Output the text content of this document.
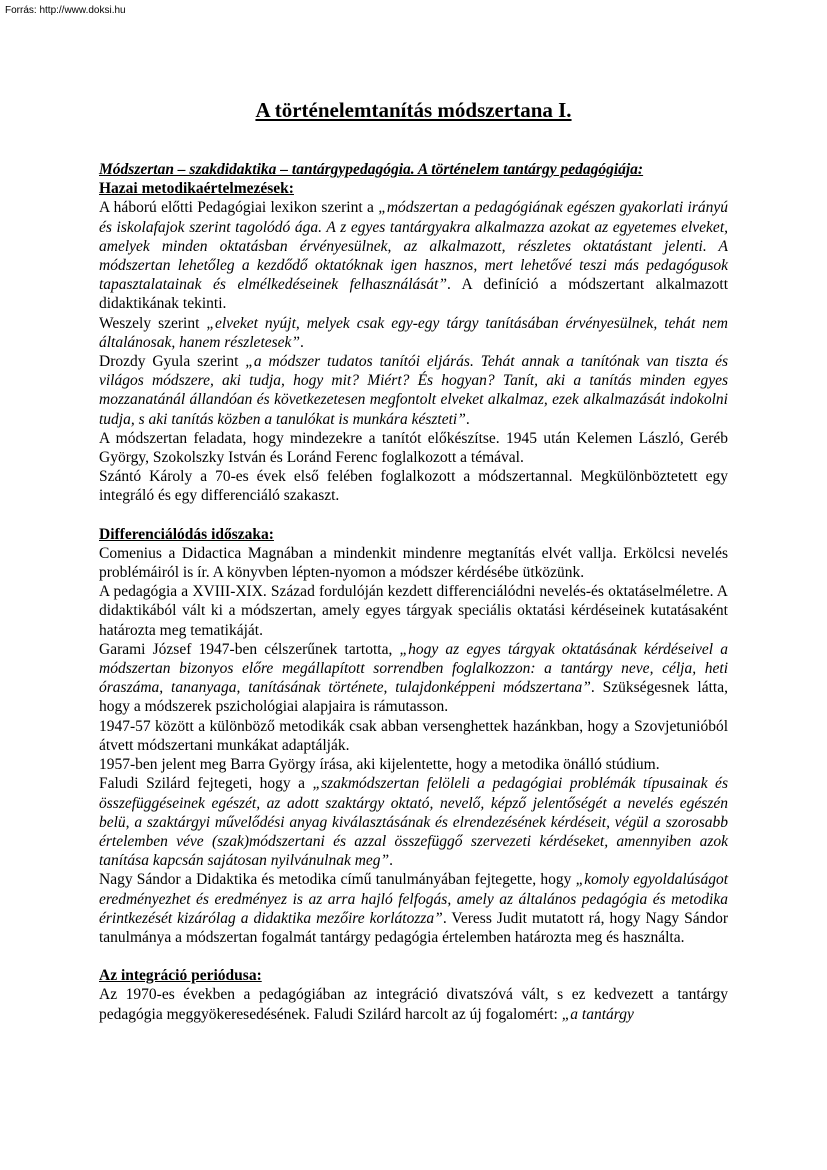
Forrás: http://www.doksi.hu
A történelemtanítás módszertana I.

Módszertan – szakdidaktika – tantárgypedagógia. A történelem tantárgy pedagógiája:

Hazai metodikaértelmezések:

A háború előtti Pedagógiai lexikon szerint a „módszertan a pedagógiának egészen gyakorlati irányú és iskolafajok szerint tagolódó ága. A z egyes tantárgyakra alkalmazza azokat az egyetemes elveket, amelyek minden oktatásban érvényesülnek, az alkalmazott, részletes oktatástant jelenti. A módszertan lehetőleg a kezdődő oktatóknak igen hasznos, mert lehetővé teszi más pedagógusok tapasztalatainak és elmélkedéseinek felhasználását”. A definíció a módszertant alkalmazott didaktikának tekinti.

Weszely szerint „elveket nyújt, melyek csak egy-egy tárgy tanításában érvényesülnek, tehát nem általánosak, hanem részletesek”.

Drozdy Gyula szerint „a módszer tudatos tanítói eljárás. Tehát annak a tanítónak van tiszta és világos módszere, aki tudja, hogy mit? Miért? És hogyan? Tanít, aki a tanítás minden egyes mozzanatánál állandóan és következetesen megfontolt elveket alkalmaz, ezek alkalmazását indokolni tudja, s aki tanítás közben a tanulókat is munkára készteti”.

A módszertan feladata, hogy mindezekre a tanítót előkészítse. 1945 után Kelemen László, Geréb György, Szokolszky István és Loránd Ferenc foglalkozott a témával.

Szántó Károly a 70-es évek első felében foglalkozott a módszertannal. Megkülönböztetett egy integráló és egy differenciáló szakaszt.

Differenciálódás időszaka:

Comenius a Didactica Magnában a mindenkit mindenre megtanítás elvét vallja. Erkölcsi nevelés problémáiról is ír. A könyvben lépten-nyomon a módszer kérdésébe ütközünk.

A pedagógia a XVIII-XIX. Század fordulóján kezdett differenciálódni nevelés-és oktatáselméletre. A didaktikából vált ki a módszertan, amely egyes tárgyak speciális oktatási kérdéseinek kutatásaként határozta meg tematikáját.

Garami József 1947-ben célszerűnek tartotta, „hogy az egyes tárgyak oktatásának kérdéseivel a módszertan bizonyos előre megállapított sorrendben foglalkozzon: a tantárgy neve, célja, heti óraszáma, tananyaga, tanításának története, tulajdonképpeni módszertana”. Szükségesnek látta, hogy a módszerek pszichológiai alapjaira is rámutasson.

1947-57 között a különböző metodikák csak abban versenghettek hazánkban, hogy a Szovjetunióból átvett módszertani munkákat adaptálják.

1957-ben jelent meg Barra György írása, aki kijelentette, hogy a metodika önálló stúdium.

Faludi Szilárd fejtegeti, hogy a „szakmódszertan felöleli a pedagógiai problémák típusainak és összefüggéseinek egészét, az adott szaktárgy oktató, nevelő, képző jelentőségét a nevelés egészén belü, a szaktárgyi művelődési anyag kiválasztásának és elrendezésének kérdéseit, végül a szorosabb értelemben véve (szak)módszertani és azzal összefüggő szervezeti kérdéseket, amennyiben azok tanítása kapcsán sajátosan nyilvánulnak meg”.

Nagy Sándor a Didaktika és metodika című tanulmányában fejtegette, hogy „komoly egyoldalúságot eredményezhet és eredményez is az arra hajló felfogás, amely az általános pedagógia és metodika érintkezését kizárólag a didaktika mezőire korlátozza”. Veress Judit mutatott rá, hogy Nagy Sándor tanulmánya a módszertan fogalmát tantárgy pedagógia értelemben határozta meg és használta.

Az integráció periódusa:

Az 1970-es években a pedagógiában az integráció divatszóvá vált, s ez kedvezett a tantárgy pedagógia meggyökeresedésének. Faludi Szilárd harcolt az új fogalomért: „a tantárgy
